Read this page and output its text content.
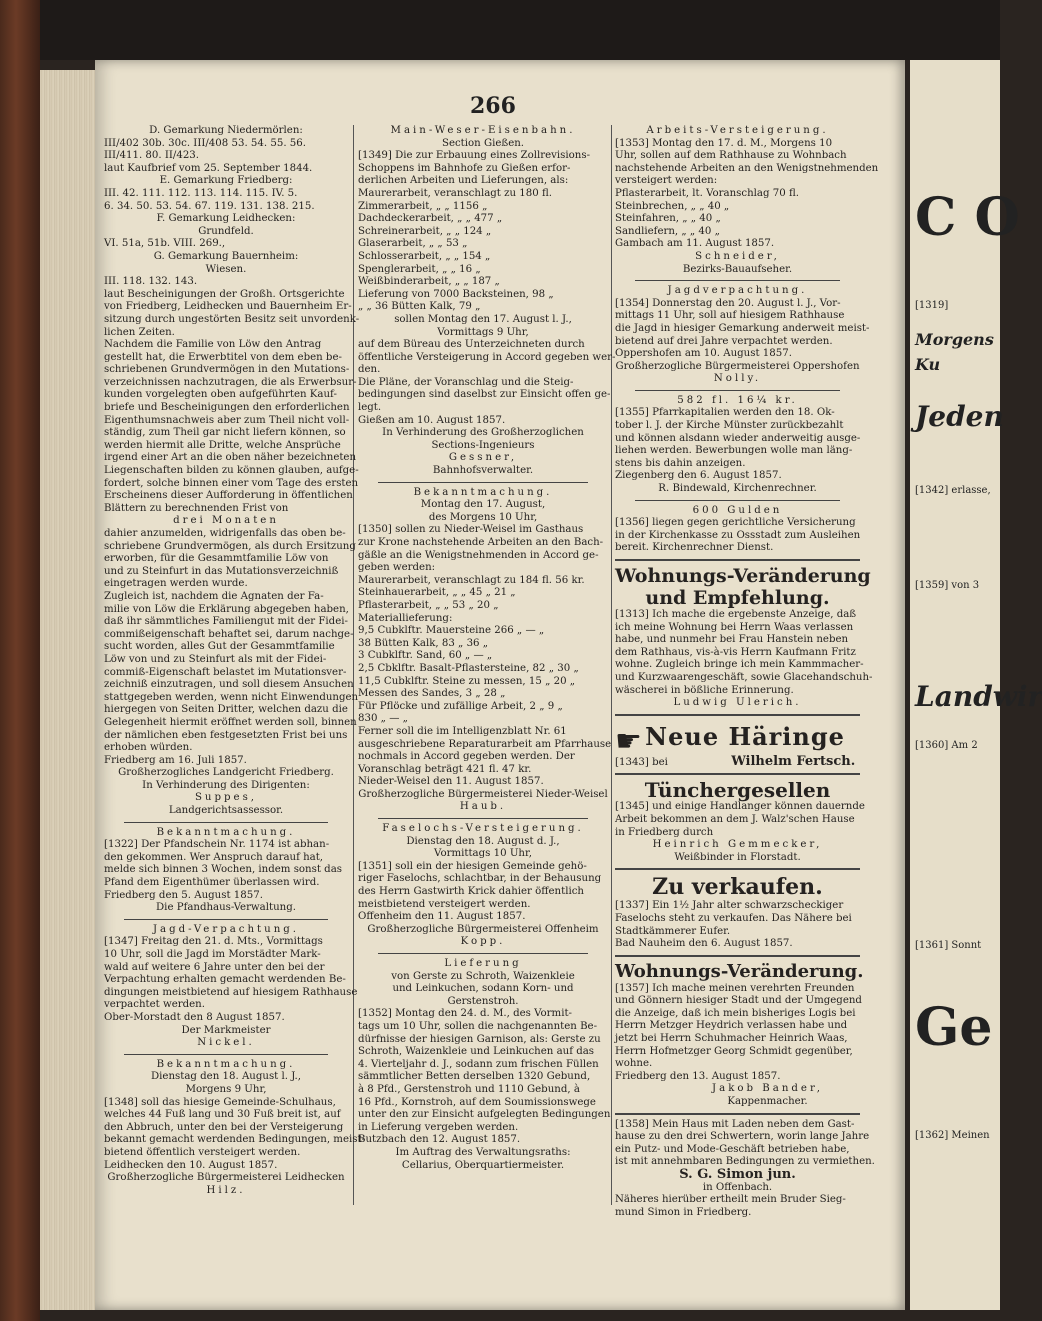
266
D. Gemarkung Niedermörlen:
III/402 30b. 30c. III/408 53. 54. 55. 56.
III/411. 80. II/423.
laut Kaufbrief vom 25. September 1844.
E. Gemarkung Friedberg:
III. 42. 111. 112. 113. 114. 115. IV. 5.
6. 34. 50. 53. 54. 67. 119. 131. 138. 215.
F. Gemarkung Leidhecken:
Grundfeld.
VI. 51a, 51b. VIII. 269.,
G. Gemarkung Bauernheim:
Wiesen.
III. 118. 132. 143.
laut Bescheinigungen der Großh. Ortsgerichte
von Friedberg, Leidhecken und Bauernheim Er-
sitzung durch ungestörten Besitz seit unvordenk-
lichen Zeiten.
Nachdem die Familie von Löw den Antrag
gestellt hat, die Erwerbtitel von dem eben be-
schriebenen Grundvermögen in den Mutations-
verzeichnissen nachzutragen, die als Erwerbsur-
kunden vorgelegten oben aufgeführten Kauf-
briefe und Bescheinigungen den erforderlichen
Eigenthumsnachweis aber zum Theil nicht voll-
ständig, zum Theil gar nicht liefern können, so
werden hiermit alle Dritte, welche Ansprüche
irgend einer Art an die oben näher bezeichneten
Liegenschaften bilden zu können glauben, aufge-
fordert, solche binnen einer vom Tage des ersten
Erscheinens dieser Aufforderung in öffentlichen
Blättern zu berechnenden Frist von
drei Monaten
dahier anzumelden, widrigenfalls das oben be-
schriebene Grundvermögen, als durch Ersitzung
erworben, für die Gesammtfamilie Löw von
und zu Steinfurt in das Mutationsverzeichniß
eingetragen werden wurde.
Zugleich ist, nachdem die Agnaten der Fa-
milie von Löw die Erklärung abgegeben haben,
daß ihr sämmtliches Familiengut mit der Fidei-
commißeigenschaft behaftet sei, darum nachge-
sucht worden, alles Gut der Gesammtfamilie
Löw von und zu Steinfurt als mit der Fidei-
commiß-Eigenschaft belastet im Mutationsver-
zeichniß einzutragen, und soll diesem Ansuchen
stattgegeben werden, wenn nicht Einwendungen
hiergegen von Seiten Dritter, welchen dazu die
Gelegenheit hiermit eröffnet werden soll, binnen
der nämlichen eben festgesetzten Frist bei uns
erhoben würden.
Friedberg am 16. Juli 1857.
Großherzogliches Landgericht Friedberg.
In Verhinderung des Dirigenten:
Suppes,
Landgerichtsassessor.
Bekanntmachung.
[1322] Der Pfandschein Nr. 1174 ist abhan-
den gekommen. Wer Anspruch darauf hat,
melde sich binnen 3 Wochen, indem sonst das
Pfand dem Eigenthümer überlassen wird.
Friedberg den 5. August 1857.
Die Pfandhaus-Verwaltung.
Jagd-Verpachtung.
[1347] Freitag den 21. d. Mts., Vormittags
10 Uhr, soll die Jagd im Morstädter Mark-
wald auf weitere 6 Jahre unter den bei der
Verpachtung erhalten gemacht werdenden Be-
dingungen meistbietend auf hiesigem Rathhause
verpachtet werden.
Ober-Morstadt den 8 August 1857.
Der Markmeister
Nickel.
Bekanntmachung.
Dienstag den 18. August l. J.,
Morgens 9 Uhr,
[1348] soll das hiesige Gemeinde-Schulhaus,
welches 44 Fuß lang und 30 Fuß breit ist, auf
den Abbruch, unter den bei der Versteigerung
bekannt gemacht werdenden Bedingungen, meist-
bietend öffentlich versteigert werden.
Leidhecken den 10. August 1857.
Großherzogliche Bürgermeisterei Leidhecken
Hilz.
Main-Weser-Eisenbahn.
Section Gießen.
[1349] Die zur Erbauung eines Zollrevisions-
Schoppens im Bahnhofe zu Gießen erfor-
derlichen Arbeiten und Lieferungen, als:
Maurerarbeit, veranschlagt zu 180 fl.
Zimmerarbeit, „ „ 1156 „
Dachdeckerarbeit, „ „ 477 „
Schreinerarbeit, „ „ 124 „
Glaserarbeit, „ „ 53 „
Schlosserarbeit, „ „ 154 „
Spenglerarbeit, „ „ 16 „
Weißbinderarbeit, „ „ 187 „
Lieferung von 7000 Backsteinen, 98 „
„ „ 36 Bütten Kalk, 79 „
sollen Montag den 17. August l. J.,
Vormittags 9 Uhr,
auf dem Büreau des Unterzeichneten durch
öffentliche Versteigerung in Accord gegeben wer-
den.
Die Pläne, der Voranschlag und die Steig-
bedingungen sind daselbst zur Einsicht offen ge-
legt.
Gießen am 10. August 1857.
In Verhinderung des Großherzoglichen
Sections-Ingenieurs
Gessner,
Bahnhofsverwalter.
Bekanntmachung.
Montag den 17. August,
des Morgens 10 Uhr,
[1350] sollen zu Nieder-Weisel im Gasthaus
zur Krone nachstehende Arbeiten an den Bach-
gäßle an die Wenigstnehmenden in Accord ge-
geben werden:
Maurerarbeit, veranschlagt zu 184 fl. 56 kr.
Steinhauerarbeit, „ „ 45 „ 21 „
Pflasterarbeit, „ „ 53 „ 20 „
Materiallieferung:
9,5 Cubklftr. Mauersteine 266 „ — „
38 Bütten Kalk, 83 „ 36 „
3 Cubklftr. Sand, 60 „ — „
2,5 Cbklftr. Basalt-Pflastersteine, 82 „ 30 „
11,5 Cubklftr. Steine zu messen, 15 „ 20 „
Messen des Sandes, 3 „ 28 „
Für Pflöcke und zufällige Arbeit, 2 „ 9 „
830 „ — „
Ferner soll die im Intelligenzblatt Nr. 61
ausgeschriebene Reparaturarbeit am Pfarrhause
nochmals in Accord gegeben werden. Der
Voranschlag beträgt 421 fl. 47 kr.
Nieder-Weisel den 11. August 1857.
Großherzogliche Bürgermeisterei Nieder-Weisel
Haub.
Faselochs-Versteigerung.
Dienstag den 18. August d. J.,
Vormittags 10 Uhr,
[1351] soll ein der hiesigen Gemeinde gehö-
riger Faselochs, schlachtbar, in der Behausung
des Herrn Gastwirth Krick dahier öffentlich
meistbietend versteigert werden.
Offenheim den 11. August 1857.
Großherzogliche Bürgermeisterei Offenheim
Kopp.
Lieferung
von Gerste zu Schroth, Waizenkleie
und Leinkuchen, sodann Korn- und
Gerstenstroh.
[1352] Montag den 24. d. M., des Vormit-
tags um 10 Uhr, sollen die nachgenannten Be-
dürfnisse der hiesigen Garnison, als: Gerste zu
Schroth, Waizenkleie und Leinkuchen auf das
4. Vierteljahr d. J., sodann zum frischen Füllen
sämmtlicher Betten derselben 1320 Gebund,
à 8 Pfd., Gerstenstroh und 1110 Gebund, à
16 Pfd., Kornstroh, auf dem Soumissionswege
unter den zur Einsicht aufgelegten Bedingungen
in Lieferung vergeben werden.
Butzbach den 12. August 1857.
Im Auftrag des Verwaltungsraths:
Cellarius, Oberquartiermeister.
Arbeits-Versteigerung.
[1353] Montag den 17. d. M., Morgens 10
Uhr, sollen auf dem Rathhause zu Wohnbach
nachstehende Arbeiten an den Wenigstnehmenden
versteigert werden:
Pflasterarbeit, lt. Voranschlag 70 fl.
Steinbrechen, „ „ 40 „
Steinfahren, „ „ 40 „
Sandliefern, „ „ 40 „
Gambach am 11. August 1857.
Schneider,
Bezirks-Bauaufseher.
Jagdverpachtung.
[1354] Donnerstag den 20. August l. J., Vor-
mittags 11 Uhr, soll auf hiesigem Rathhause
die Jagd in hiesiger Gemarkung anderweit meist-
bietend auf drei Jahre verpachtet werden.
Oppershofen am 10. August 1857.
Großherzogliche Bürgermeisterei Oppershofen
Nolly.
582 fl. 16¼ kr.
[1355] Pfarrkapitalien werden den 18. Ok-
tober l. J. der Kirche Münster zurückbezahlt
und können alsdann wieder anderweitig ausge-
liehen werden. Bewerbungen wolle man läng-
stens bis dahin anzeigen.
Ziegenberg den 6. August 1857.
R. Bindewald, Kirchenrechner.
600 Gulden
[1356] liegen gegen gerichtliche Versicherung
in der Kirchenkasse zu Ossstadt zum Ausleihen
bereit. Kirchenrechner Dienst.
Wohnungs-Veränderung
und Empfehlung.
[1313] Ich mache die ergebenste Anzeige, daß
ich meine Wohnung bei Herrn Waas verlassen
habe, und nunmehr bei Frau Hanstein neben
dem Rathhaus, vis-à-vis Herrn Kaufmann Fritz
wohne. Zugleich bringe ich mein Kammmacher-
und Kurzwaarengeschäft, sowie Glacehandschuh-
wäscherei in bößliche Erinnerung.
Ludwig Ulerich.
☛ Neue Häringe
[1343] bei	Wilhelm Fertsch.
Tünchergesellen
[1345] und einige Handlanger können dauernde
Arbeit bekommen an dem J. Walz'schen Hause
in Friedberg durch
Heinrich Gemmecker,
Weißbinder in Florstadt.
Zu verkaufen.
[1337] Ein 1½ Jahr alter schwarzscheckiger
Faselochs steht zu verkaufen. Das Nähere bei
Stadtkämmerer Eufer.
Bad Nauheim den 6. August 1857.
Wohnungs-Veränderung.
[1357] Ich mache meinen verehrten Freunden
und Gönnern hiesiger Stadt und der Umgegend
die Anzeige, daß ich mein bisheriges Logis bei
Herrn Metzger Heydrich verlassen habe und
jetzt bei Herrn Schuhmacher Heinrich Waas,
Herrn Hofmetzger Georg Schmidt gegenüber,
wohne.
Friedberg den 13. August 1857.
Jakob Bander,
Kappenmacher.
[1358] Mein Haus mit Laden neben dem Gast-
hause zu den drei Schwertern, worin lange Jahre
ein Putz- und Mode-Geschäft betrieben habe,
ist mit annehmbaren Bedingungen zu vermiethen.
S. G. Simon jun.
in Offenbach.
Näheres hierüber ertheilt mein Bruder Sieg-
mund Simon in Friedberg.
C O
[1319]
Morgens
Ku
Jeden
[1342] erlasse,
[1360] Am 2
[1359] von 3
Landwir
[1361] Sonnt
Ge
[1362] Meinen
